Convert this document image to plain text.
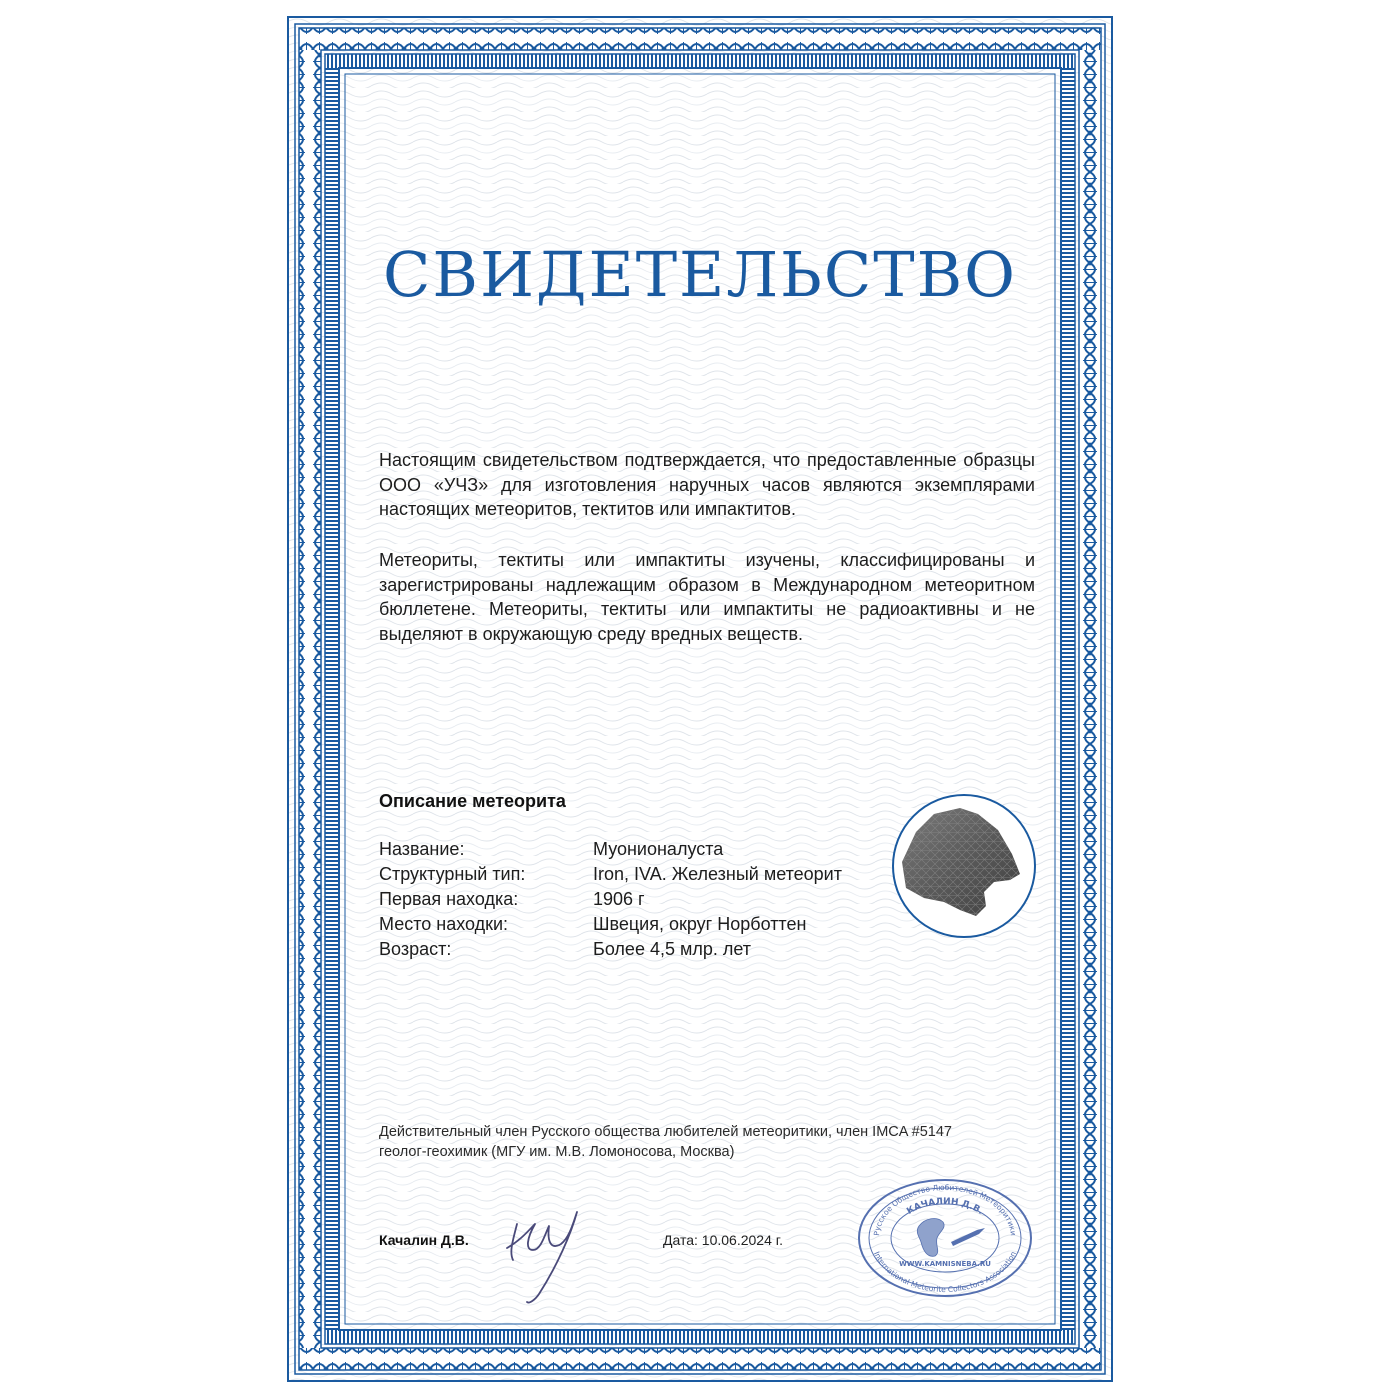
СВИДЕТЕЛЬСТВО

Настоящим свидетельством подтверждается, что предоставленные образцы ООО «УЧЗ» для изготовления наручных часов являются экземплярами настоящих метеоритов, тектитов или импактитов.

Метеориты, тектиты или импактиты изучены, классифицированы и зарегистрированы надлежащим образом в Международном метеоритном бюллетене. Метеориты, тектиты или импактиты не радиоактивны и не выделяют в окружающую среду вредных веществ.

Описание метеорита
Название:	Муонионалуста
Структурный тип:	Iron, IVA. Железный метеорит
Первая находка:	1906 г
Место находки:	Швеция, округ Норботтен
Возраст:	Более 4,5 млр. лет
Действительный член Русского общества любителей метеоритики, член IMCA #5147
геолог-геохимик (МГУ им. М.В. Ломоносова, Москва)
Качалин Д.В.	Дата: 10.06.2024 г.	Русское Общество Любителей Метеоритики
International Meteorite Collectors Association
КАЧАЛИН Д.В.
WWW.KAMNISNEBA.RU
